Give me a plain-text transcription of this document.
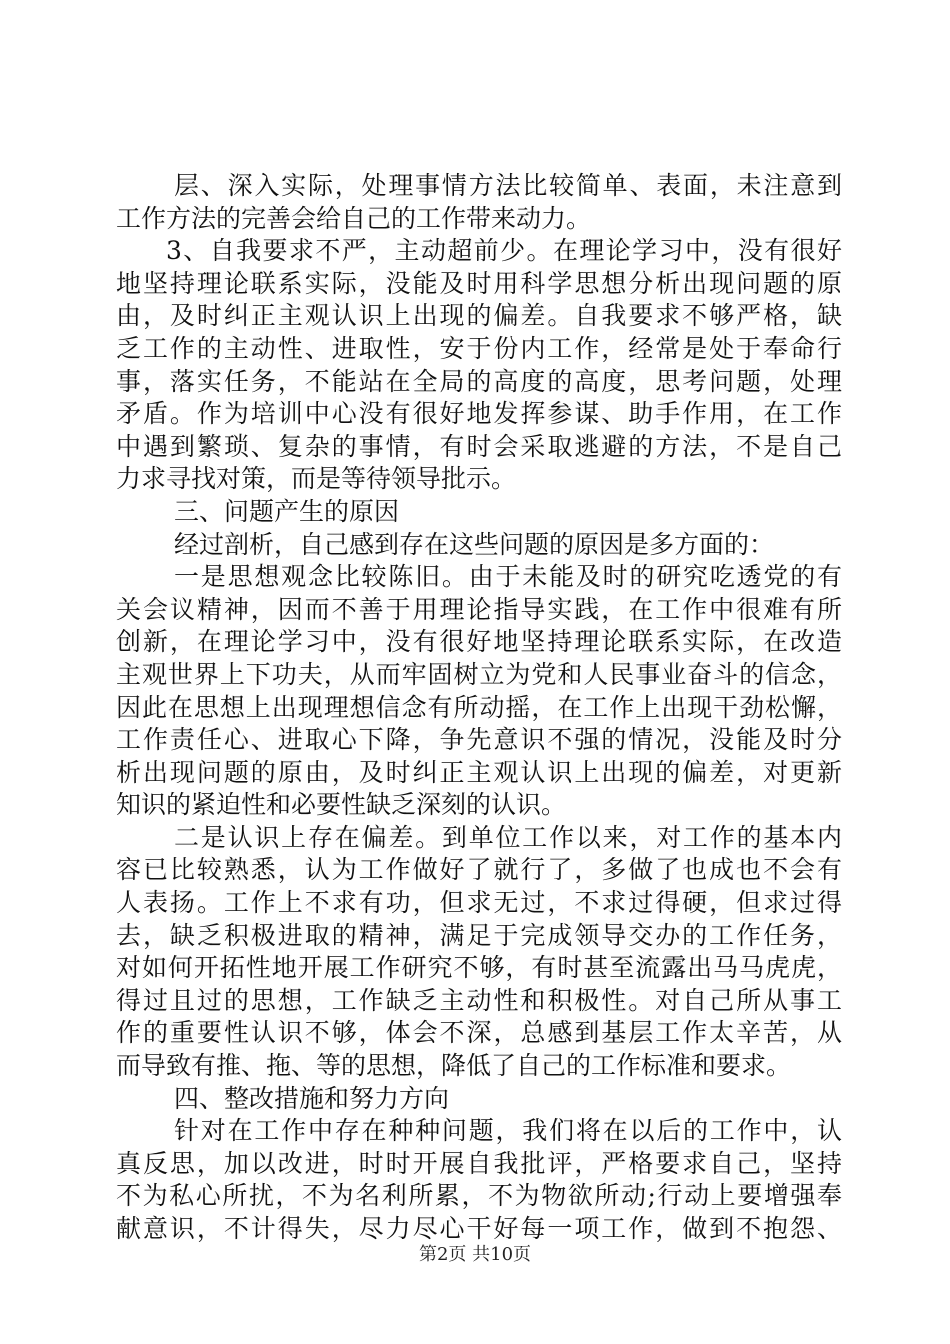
层、深入实际，处理事情方法比较简单、表面，未注意到
工作方法的完善会给自己的工作带来动力。
3、自我要求不严，主动超前少。在理论学习中，没有很好
地坚持理论联系实际，没能及时用科学思想分析出现问题的原
由，及时纠正主观认识上出现的偏差。自我要求不够严格，缺
乏工作的主动性、进取性，安于份内工作，经常是处于奉命行
事，落实任务，不能站在全局的高度的高度，思考问题，处理
矛盾。作为培训中心没有很好地发挥参谋、助手作用，在工作
中遇到繁琐、复杂的事情，有时会采取逃避的方法，不是自己
力求寻找对策，而是等待领导批示。
三、问题产生的原因
经过剖析，自己感到存在这些问题的原因是多方面的：
一是思想观念比较陈旧。由于未能及时的研究吃透党的有
关会议精神，因而不善于用理论指导实践，在工作中很难有所
创新，在理论学习中，没有很好地坚持理论联系实际，在改造
主观世界上下功夫，从而牢固树立为党和人民事业奋斗的信念，
因此在思想上出现理想信念有所动摇，在工作上出现干劲松懈，
工作责任心、进取心下降，争先意识不强的情况，没能及时分
析出现问题的原由，及时纠正主观认识上出现的偏差，对更新
知识的紧迫性和必要性缺乏深刻的认识。
二是认识上存在偏差。到单位工作以来，对工作的基本内
容已比较熟悉，认为工作做好了就行了，多做了也成也不会有
人表扬。工作上不求有功，但求无过，不求过得硬，但求过得
去，缺乏积极进取的精神，满足于完成领导交办的工作任务，
对如何开拓性地开展工作研究不够，有时甚至流露出马马虎虎，
得过且过的思想，工作缺乏主动性和积极性。对自己所从事工
作的重要性认识不够，体会不深，总感到基层工作太辛苦，从
而导致有推、拖、等的思想，降低了自己的工作标准和要求。
四、整改措施和努力方向
针对在工作中存在种种问题，我们将在以后的工作中，认
真反思，加以改进，时时开展自我批评，严格要求自己，坚持
不为私心所扰，不为名利所累，不为物欲所动;行动上要增强奉
献意识，不计得失，尽力尽心干好每一项工作，做到不抱怨、
第2页 共10页
